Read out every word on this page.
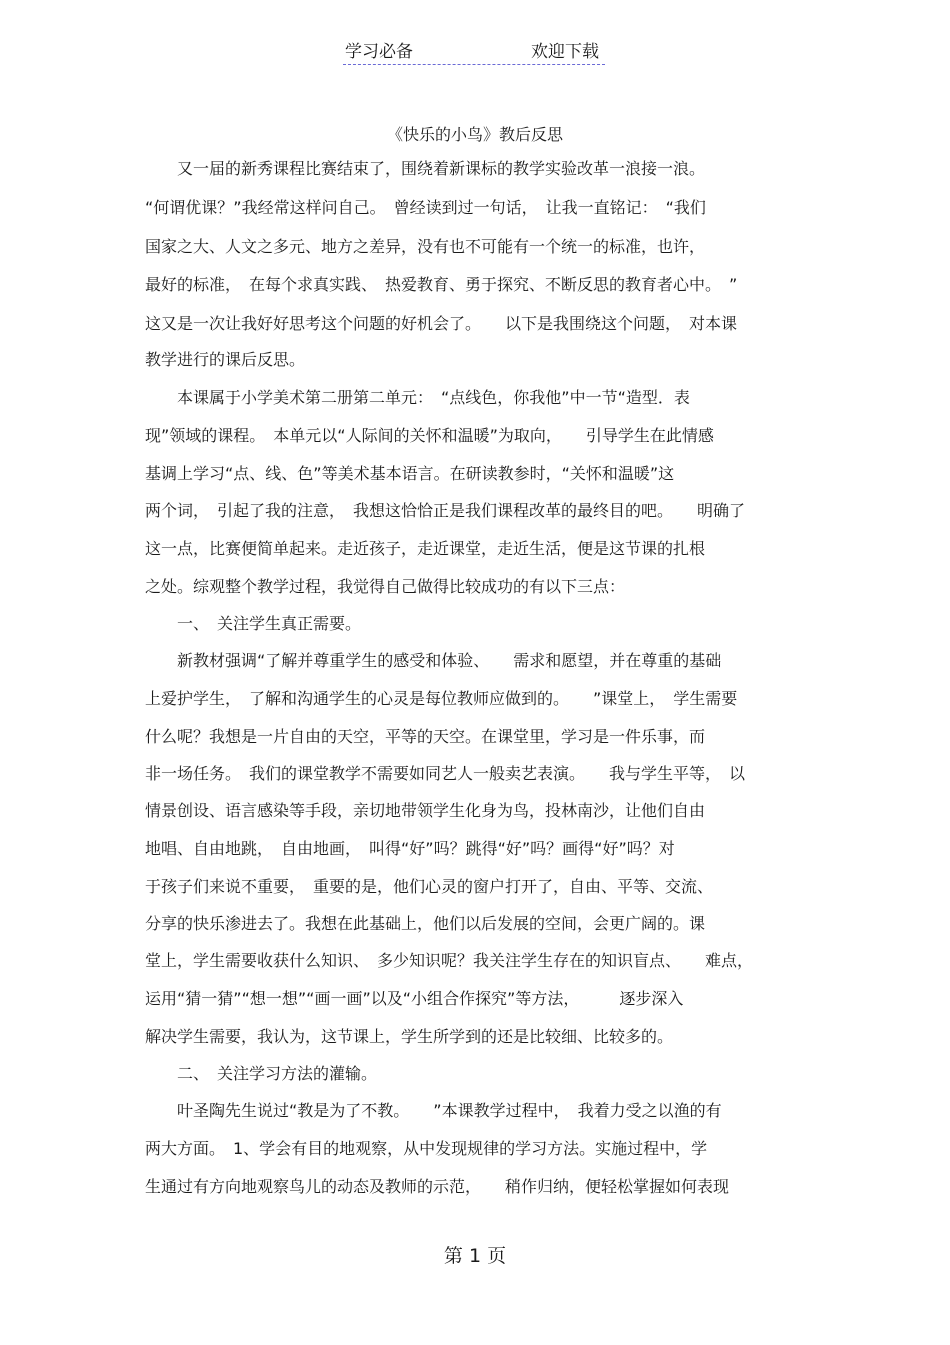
学习必备	欢迎下载
《快乐的小鸟》教后反思
　　又一届的新秀课程比赛结束了，围绕着新课标的教学实验改革一浪接一浪。
“何谓优课？”我经常这样问自己。　曾经读到过一句话，　让我一直铭记：　“我们
国家之大、人文之多元、地方之差异，没有也不可能有一个统一的标准，也许，
最好的标准，　在每个求真实践、　热爱教育、勇于探究、不断反思的教育者心中。　”
这又是一次让我好好思考这个问题的好机会了。　　以下是我围绕这个问题，　对本课
教学进行的课后反思。
　　本课属于小学美术第二册第二单元：　“点线色，你我他”中一节“造型．表
现”领域的课程。　本单元以“人际间的关怀和温暖”为取向，　　引导学生在此情感
基调上学习“点、线、色”等美术基本语言。在研读教参时，“关怀和温暖”这
两个词，　引起了我的注意，　我想这恰恰正是我们课程改革的最终目的吧。　　明确了
这一点，比赛便简单起来。走近孩子，走近课堂，走近生活，便是这节课的扎根
之处。综观整个教学过程，我觉得自己做得比较成功的有以下三点：
　　一、　关注学生真正需要。
　　新教材强调“了解并尊重学生的感受和体验、　　需求和愿望，并在尊重的基础
上爱护学生，　了解和沟通学生的心灵是每位教师应做到的。　　”课堂上，　学生需要
什么呢？我想是一片自由的天空，平等的天空。在课堂里，学习是一件乐事，而
非一场任务。　我们的课堂教学不需要如同艺人一般卖艺表演。　　我与学生平等，　以
情景创设、语言感染等手段，亲切地带领学生化身为鸟，投林南沙，让他们自由
地唱、自由地跳，　自由地画，　叫得“好”吗？跳得“好”吗？画得“好”吗？对
于孩子们来说不重要，　重要的是，他们心灵的窗户打开了，自由、平等、交流、
分享的快乐渗进去了。我想在此基础上，他们以后发展的空间，会更广阔的。课
堂上，学生需要收获什么知识、　多少知识呢？我关注学生存在的知识盲点、　　难点，
运用“猜一猜”“想一想”“画一画”以及“小组合作探究”等方法，　　　逐步深入
解决学生需要，我认为，这节课上，学生所学到的还是比较细、比较多的。
　　二、　关注学习方法的灌输。
　　叶圣陶先生说过“教是为了不教。　　”本课教学过程中，　我着力受之以渔的有
两大方面。　1、学会有目的地观察，从中发现规律的学习方法。实施过程中，学
生通过有方向地观察鸟儿的动态及教师的示范，　　稍作归纳，便轻松掌握如何表现
第 1 页
